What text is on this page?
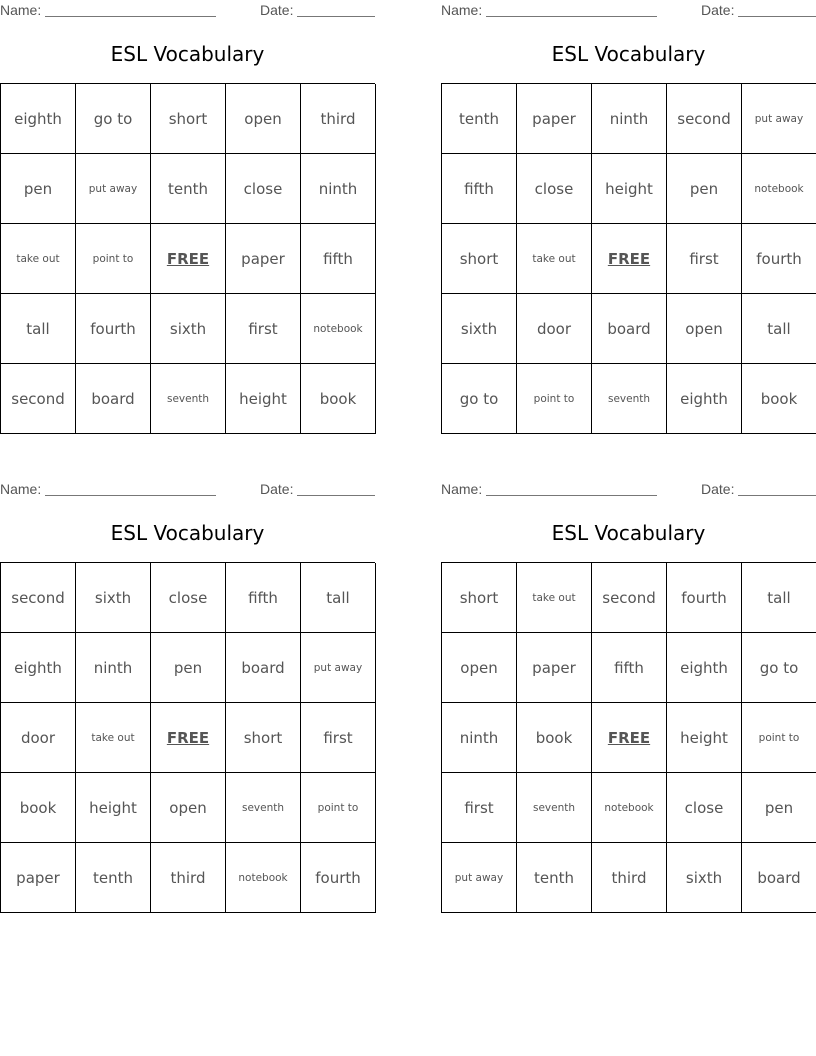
Name:	Date:
ESL Vocabulary
eighth	go to	short	open	third
pen	put away	tenth	close	ninth
take out	point to	FREE	paper	fifth
tall	fourth	sixth	first	notebook
second	board	seventh	height	book
Name:	Date:
ESL Vocabulary
tenth	paper	ninth	second	put away
fifth	close	height	pen	notebook
short	take out	FREE	first	fourth
sixth	door	board	open	tall
go to	point to	seventh	eighth	book
Name:	Date:
ESL Vocabulary
second	sixth	close	fifth	tall
eighth	ninth	pen	board	put away
door	take out	FREE	short	first
book	height	open	seventh	point to
paper	tenth	third	notebook	fourth
Name:	Date:
ESL Vocabulary
short	take out	second	fourth	tall
open	paper	fifth	eighth	go to
ninth	book	FREE	height	point to
first	seventh	notebook	close	pen
put away	tenth	third	sixth	board
